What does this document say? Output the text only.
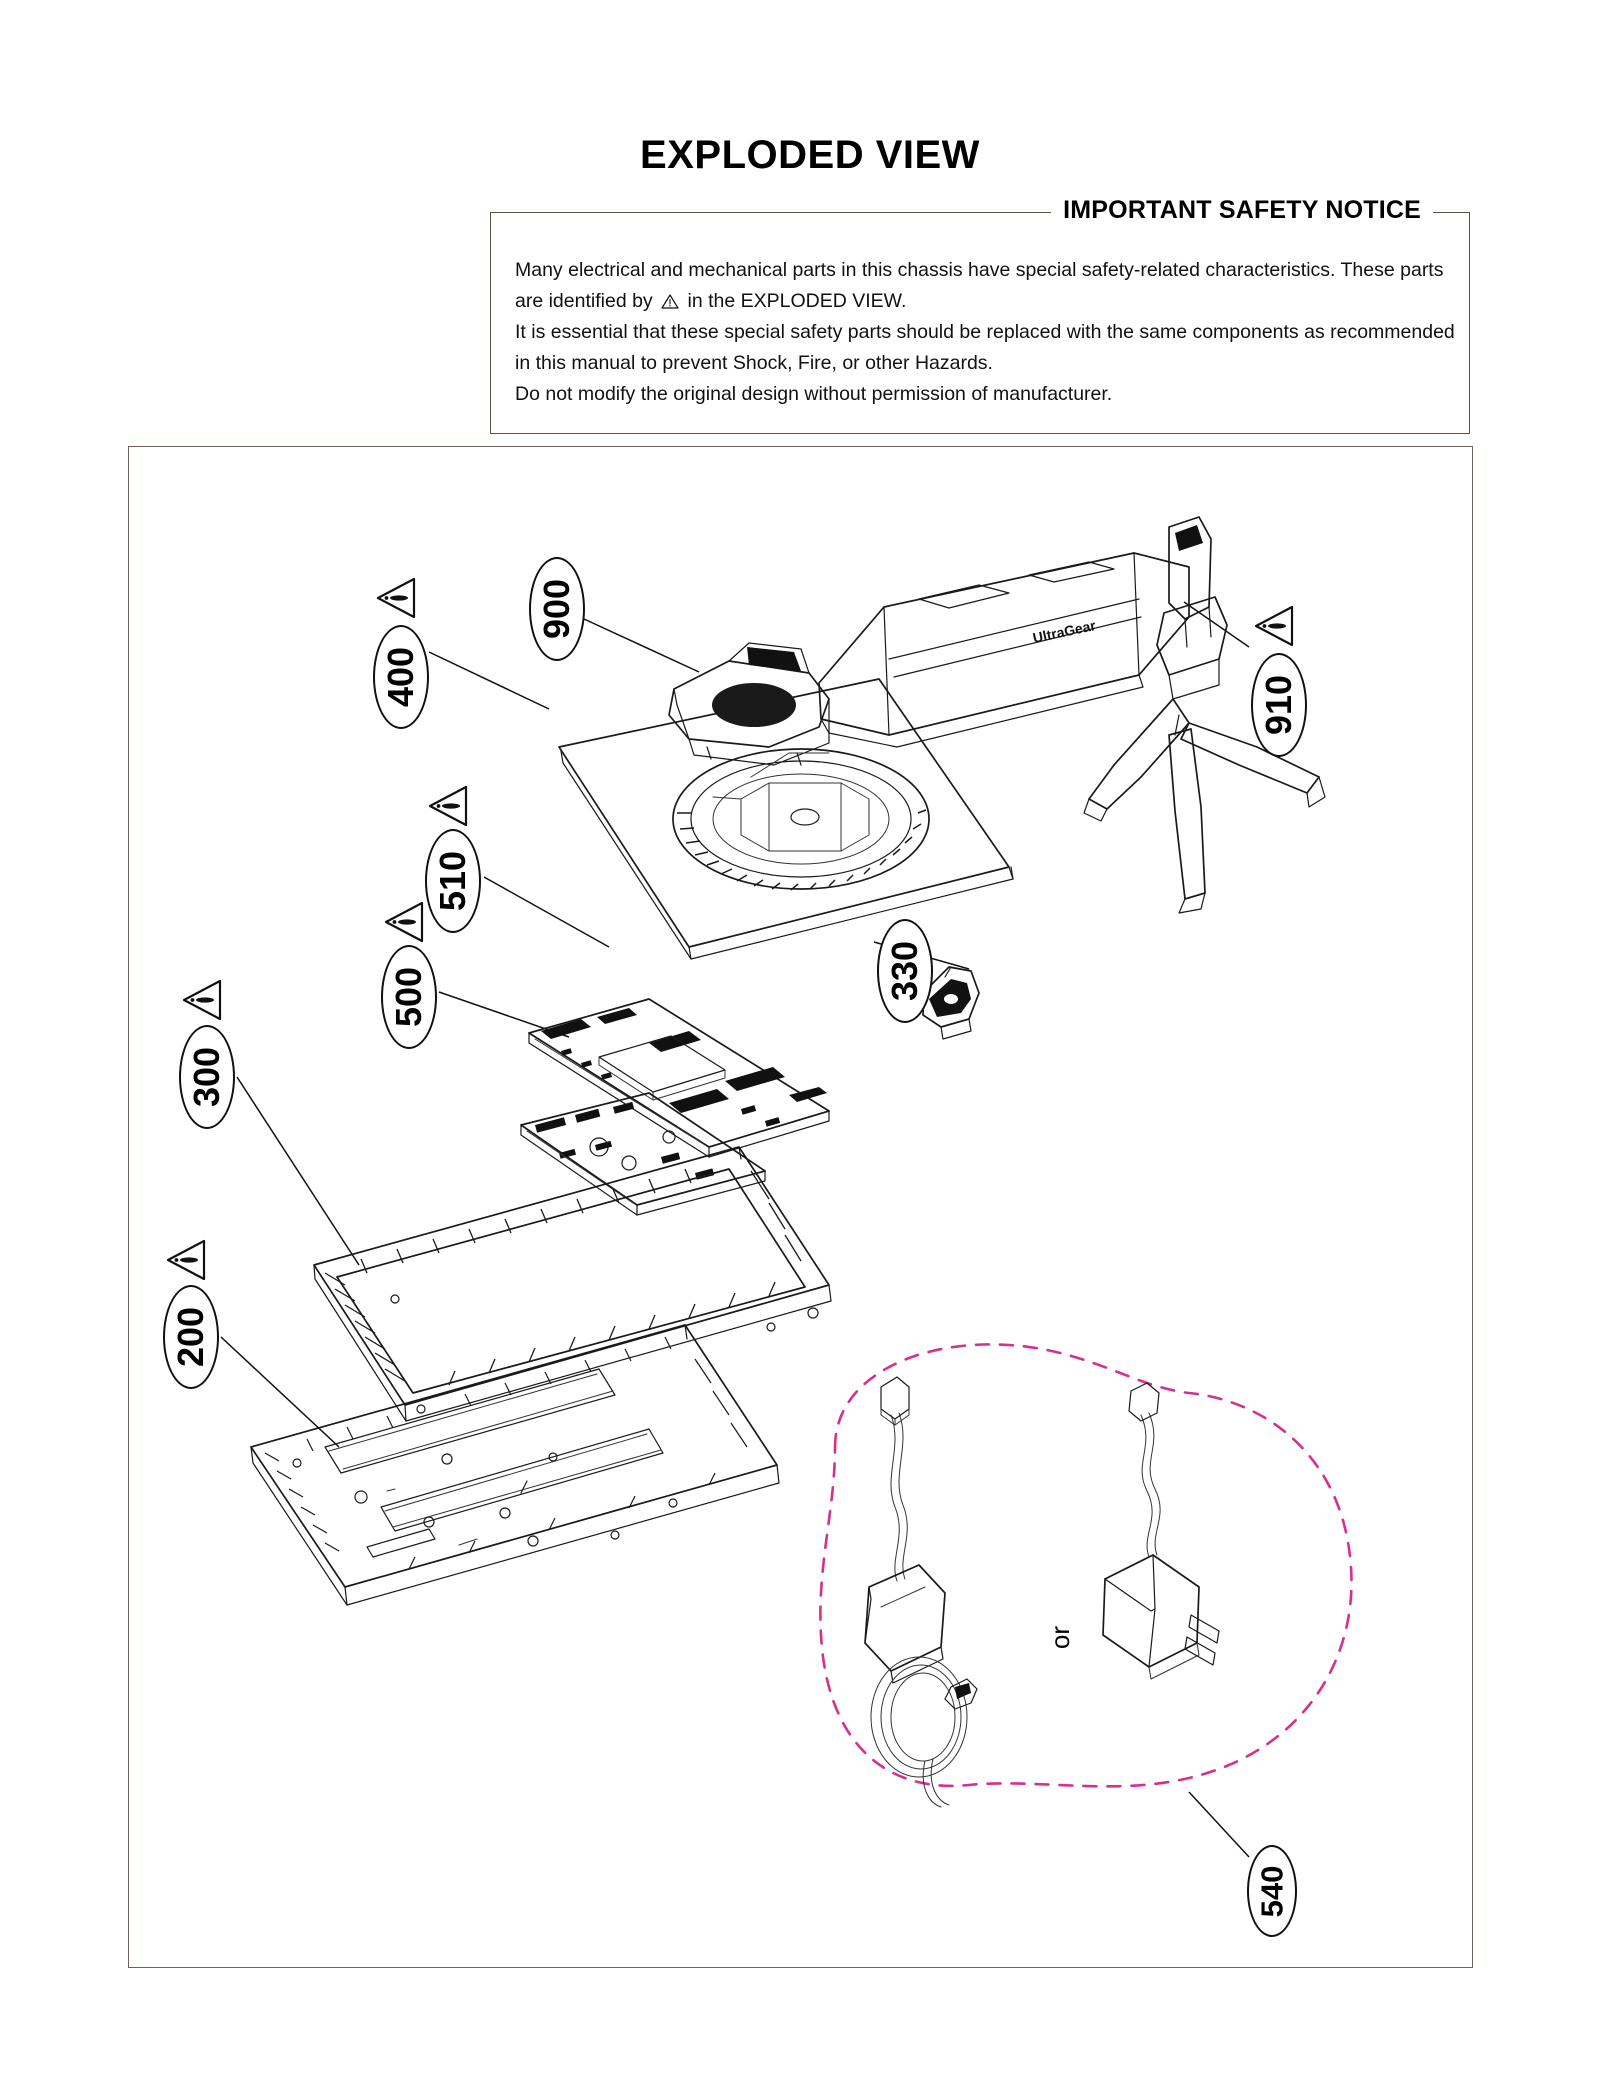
EXPLODED VIEW
IMPORTANT SAFETY NOTICE

Many electrical and mechanical parts in this chassis have special safety-related characteristics. These parts

are identified by in the EXPLODED VIEW.

It is essential that these special safety parts should be replaced with the same components as recommended

in this manual to prevent Shock, Fire, or other Hazards.

Do not modify the original design without permission of manufacturer.

UltraGear
400
900
910
510
500	330
300
200
540
or
